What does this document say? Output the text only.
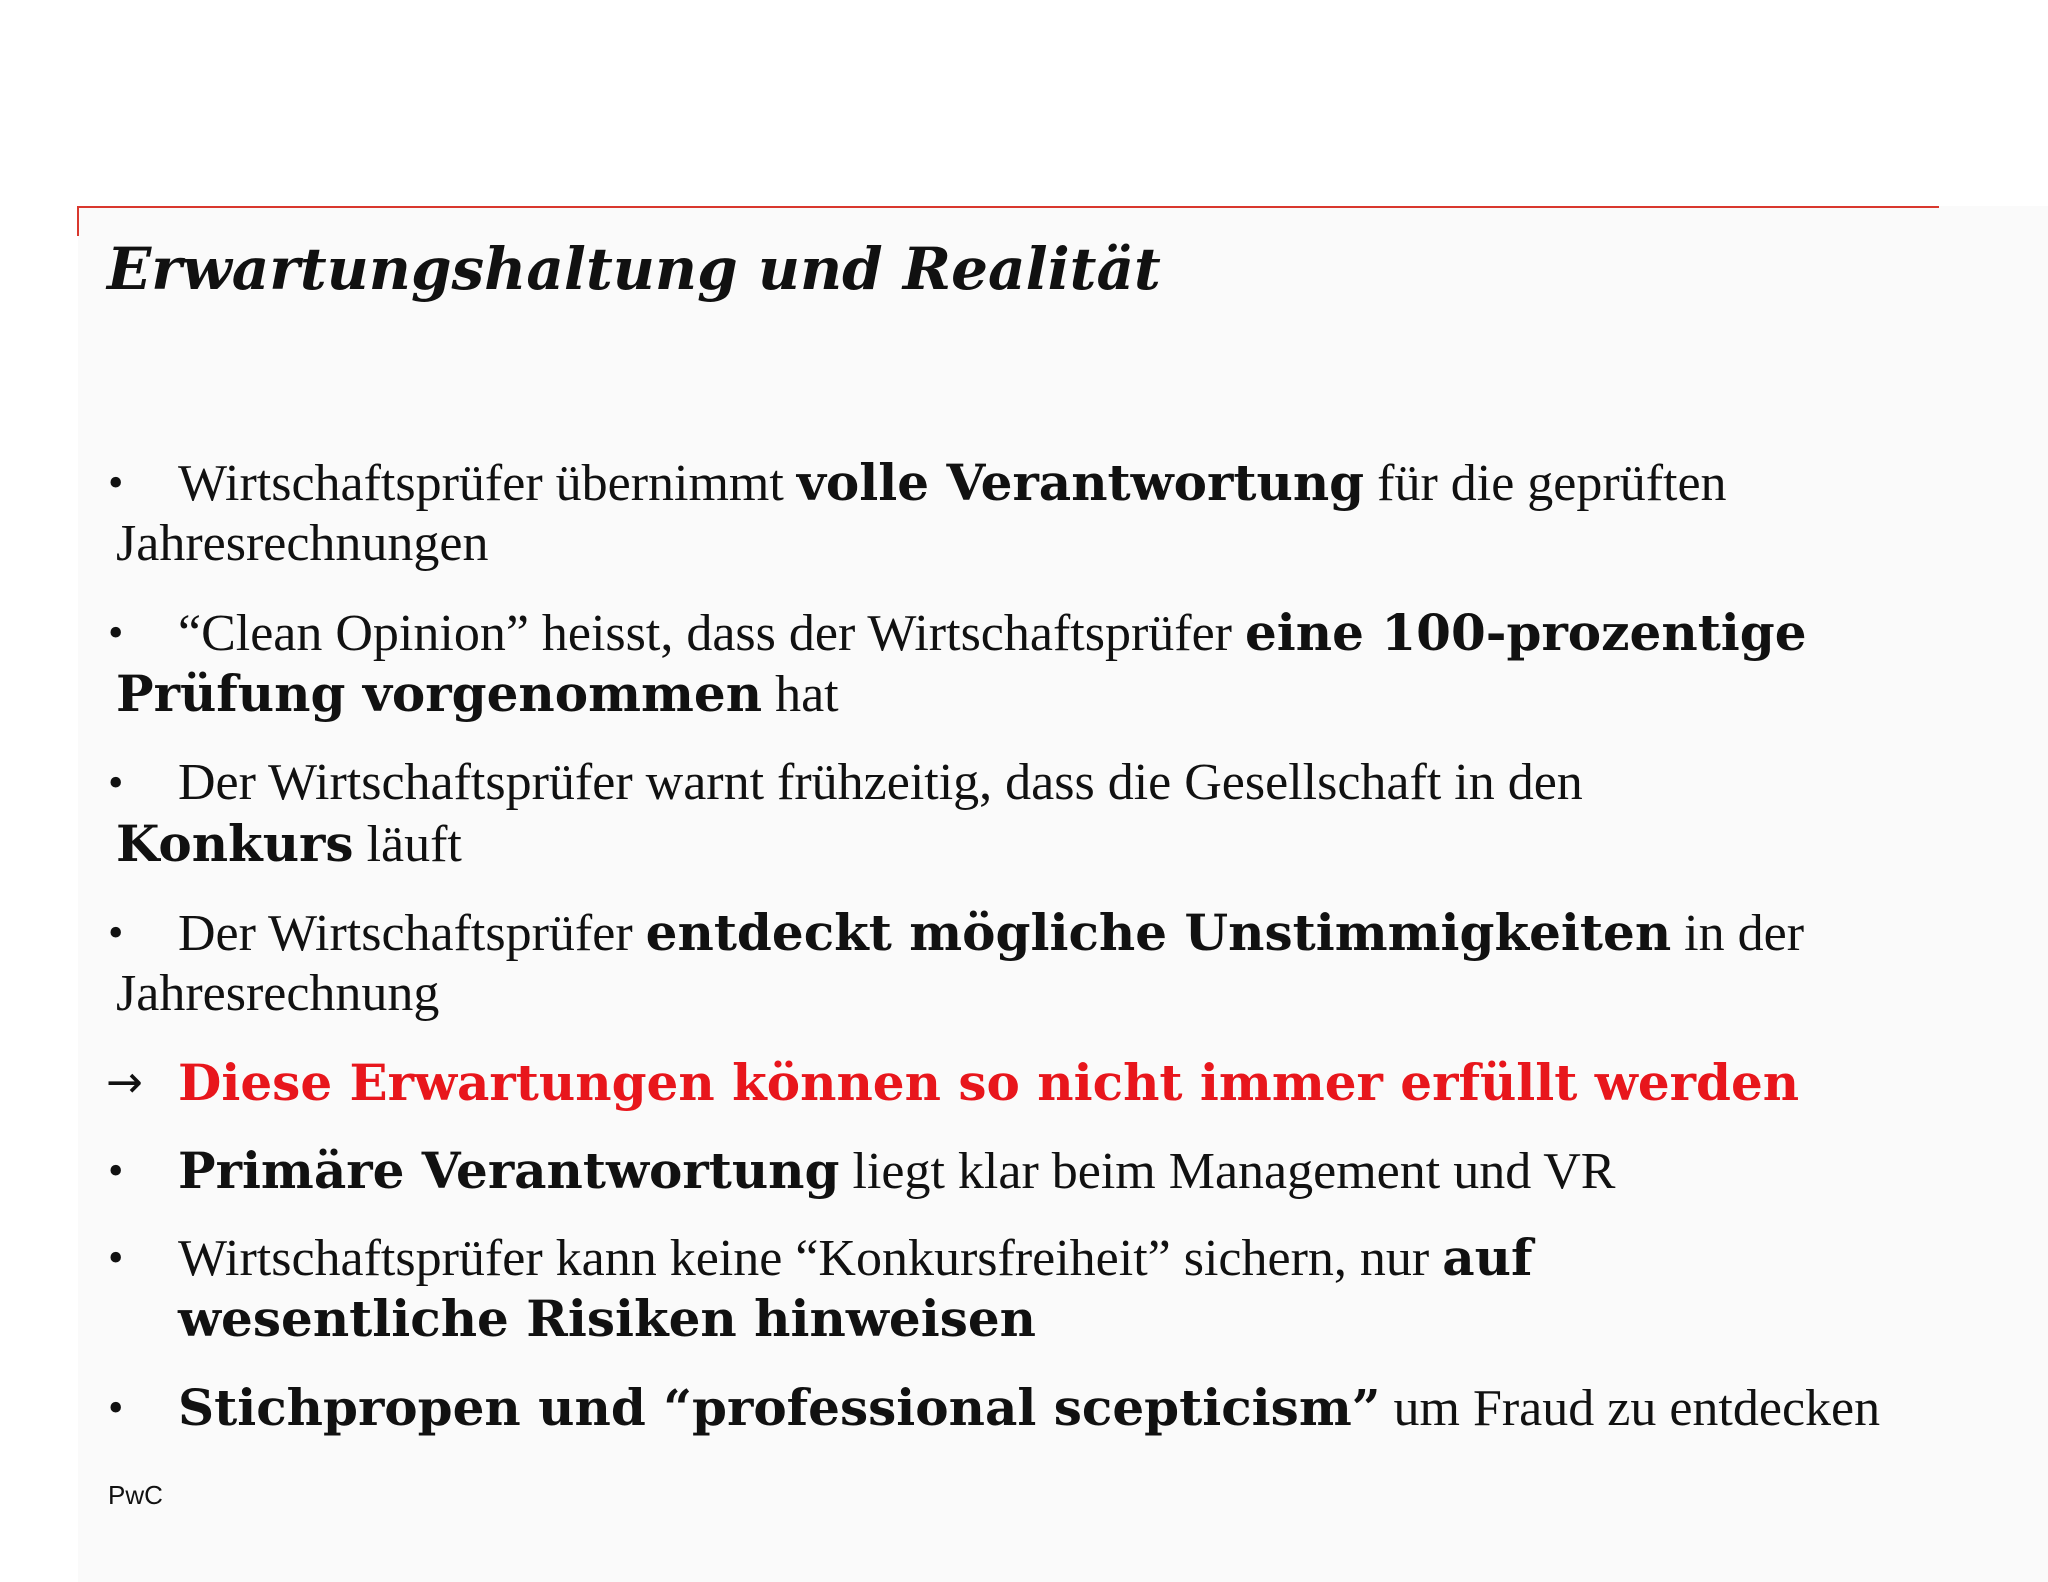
Erwartungshaltung und Realität
• Wirtschaftsprüfer übernimmt volle Verantwortung für die geprüften
Jahresrechnungen
• “Clean Opinion” heisst, dass der Wirtschaftsprüfer eine 100-prozentige
Prüfung vorgenommen hat
• Der Wirtschaftsprüfer warnt frühzeitig, dass die Gesellschaft in den
Konkurs läuft
• Der Wirtschaftsprüfer entdeckt mögliche Unstimmigkeiten in der
Jahresrechnung
→ Diese Erwartungen können so nicht immer erfüllt werden
• Primäre Verantwortung liegt klar beim Management und VR
• Wirtschaftsprüfer kann keine “Konkursfreiheit” sichern, nur auf
wesentliche Risiken hinweisen
• Stichpropen und “professional scepticism” um Fraud zu entdecken
PwC
